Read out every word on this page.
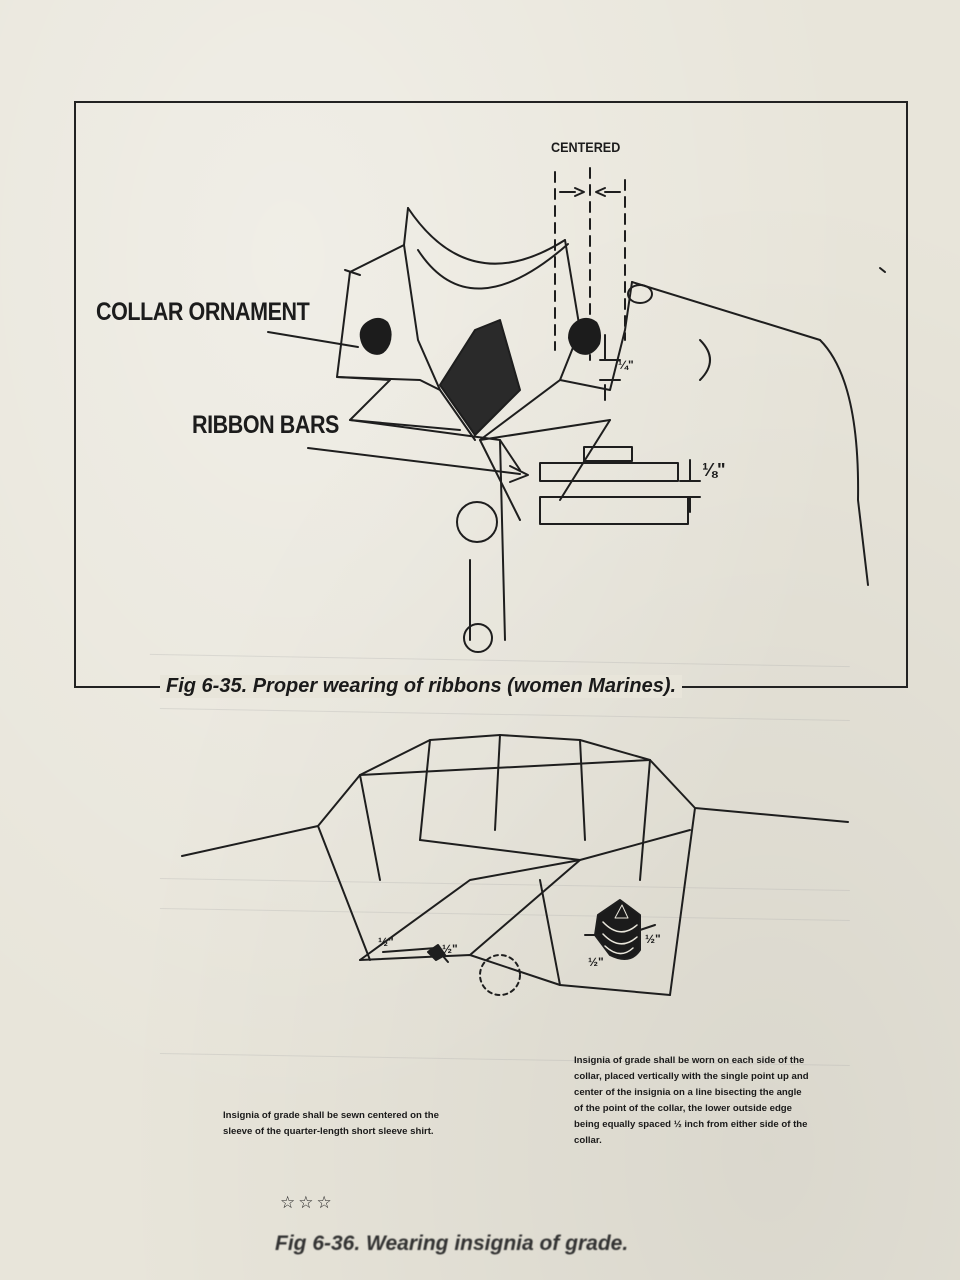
CENTERED
COLLAR ORNAMENT
RIBBON BARS
¼"
⅛"
Fig 6-35. Proper wearing of ribbons (women Marines).
½"	½"
½"
½"
Insignia of grade shall be sewn centered on the sleeve of the quarter-length short sleeve shirt.
Insignia of grade shall be worn on each side of the collar, placed vertically with the single point up and center of the insignia on a line bisecting the angle of the point of the collar, the lower outside edge being equally spaced ½ inch from either side of the collar.
☆☆☆
Fig 6-36. Wearing insignia of grade.
